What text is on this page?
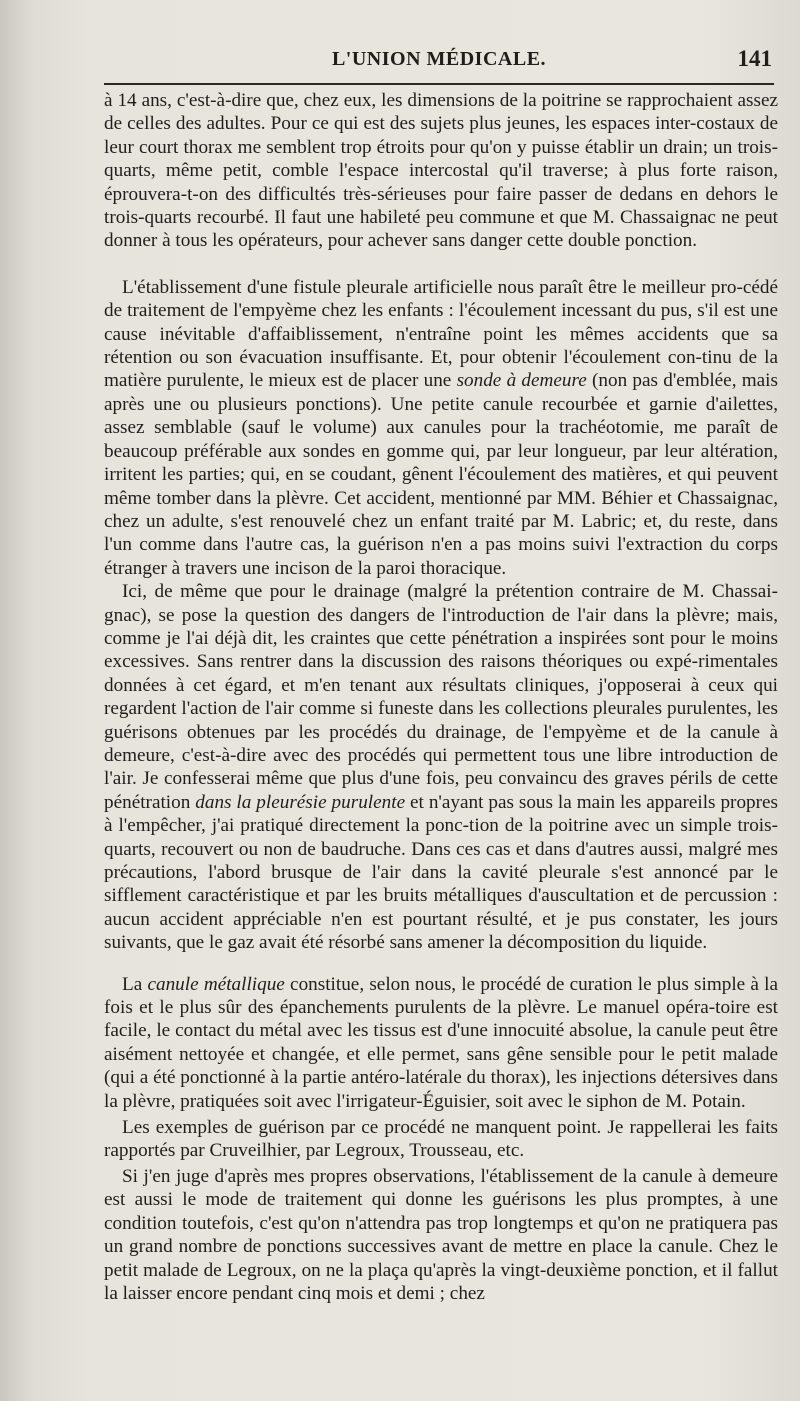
L'UNION MÉDICALE.	141

à 14 ans, c'est-à-dire que, chez eux, les dimensions de la poitrine se rapprochaient assez de celles des adultes. Pour ce qui est des sujets plus jeunes, les espaces inter-costaux de leur court thorax me semblent trop étroits pour qu'on y puisse établir un drain; un trois-quarts, même petit, comble l'espace intercostal qu'il traverse; à plus forte raison, éprouvera-t-on des difficultés très-sérieuses pour faire passer de dedans en dehors le trois-quarts recourbé. Il faut une habileté peu commune et que M. Chassaignac ne peut donner à tous les opérateurs, pour achever sans danger cette double ponction.

L'établissement d'une fistule pleurale artificielle nous paraît être le meilleur pro-cédé de traitement de l'empyème chez les enfants : l'écoulement incessant du pus, s'il est une cause inévitable d'affaiblissement, n'entraîne point les mêmes accidents que sa rétention ou son évacuation insuffisante. Et, pour obtenir l'écoulement con-tinu de la matière purulente, le mieux est de placer une sonde à demeure (non pas d'emblée, mais après une ou plusieurs ponctions). Une petite canule recourbée et garnie d'ailettes, assez semblable (sauf le volume) aux canules pour la trachéotomie, me paraît de beaucoup préférable aux sondes en gomme qui, par leur longueur, par leur altération, irritent les parties; qui, en se coudant, gênent l'écoulement des matières, et qui peuvent même tomber dans la plèvre. Cet accident, mentionné par MM. Béhier et Chassaignac, chez un adulte, s'est renouvelé chez un enfant traité par M. Labric; et, du reste, dans l'un comme dans l'autre cas, la guérison n'en a pas moins suivi l'extraction du corps étranger à travers une incison de la paroi thoracique.

Ici, de même que pour le drainage (malgré la prétention contraire de M. Chassai-gnac), se pose la question des dangers de l'introduction de l'air dans la plèvre; mais, comme je l'ai déjà dit, les craintes que cette pénétration a inspirées sont pour le moins excessives. Sans rentrer dans la discussion des raisons théoriques ou expé-rimentales données à cet égard, et m'en tenant aux résultats cliniques, j'opposerai à ceux qui regardent l'action de l'air comme si funeste dans les collections pleurales purulentes, les guérisons obtenues par les procédés du drainage, de l'empyème et de la canule à demeure, c'est-à-dire avec des procédés qui permettent tous une libre introduction de l'air. Je confesserai même que plus d'une fois, peu convaincu des graves périls de cette pénétration dans la pleurésie purulente et n'ayant pas sous la main les appareils propres à l'empêcher, j'ai pratiqué directement la ponc-tion de la poitrine avec un simple trois-quarts, recouvert ou non de baudruche. Dans ces cas et dans d'autres aussi, malgré mes précautions, l'abord brusque de l'air dans la cavité pleurale s'est annoncé par le sifflement caractéristique et par les bruits métalliques d'auscultation et de percussion : aucun accident appréciable n'en est pourtant résulté, et je pus constater, les jours suivants, que le gaz avait été résorbé sans amener la décomposition du liquide.

La canule métallique constitue, selon nous, le procédé de curation le plus simple à la fois et le plus sûr des épanchements purulents de la plèvre. Le manuel opéra-toire est facile, le contact du métal avec les tissus est d'une innocuité absolue, la canule peut être aisément nettoyée et changée, et elle permet, sans gêne sensible pour le petit malade (qui a été ponctionné à la partie antéro-latérale du thorax), les injections détersives dans la plèvre, pratiquées soit avec l'irrigateur-Éguisier, soit avec le siphon de M. Potain.

Les exemples de guérison par ce procédé ne manquent point. Je rappellerai les faits rapportés par Cruveilhier, par Legroux, Trousseau, etc.

Si j'en juge d'après mes propres observations, l'établissement de la canule à demeure est aussi le mode de traitement qui donne les guérisons les plus promptes, à une condition toutefois, c'est qu'on n'attendra pas trop longtemps et qu'on ne pratiquera pas un grand nombre de ponctions successives avant de mettre en place la canule. Chez le petit malade de Legroux, on ne la plaça qu'après la vingt-deuxième ponction, et il fallut la laisser encore pendant cinq mois et demi ; chez
